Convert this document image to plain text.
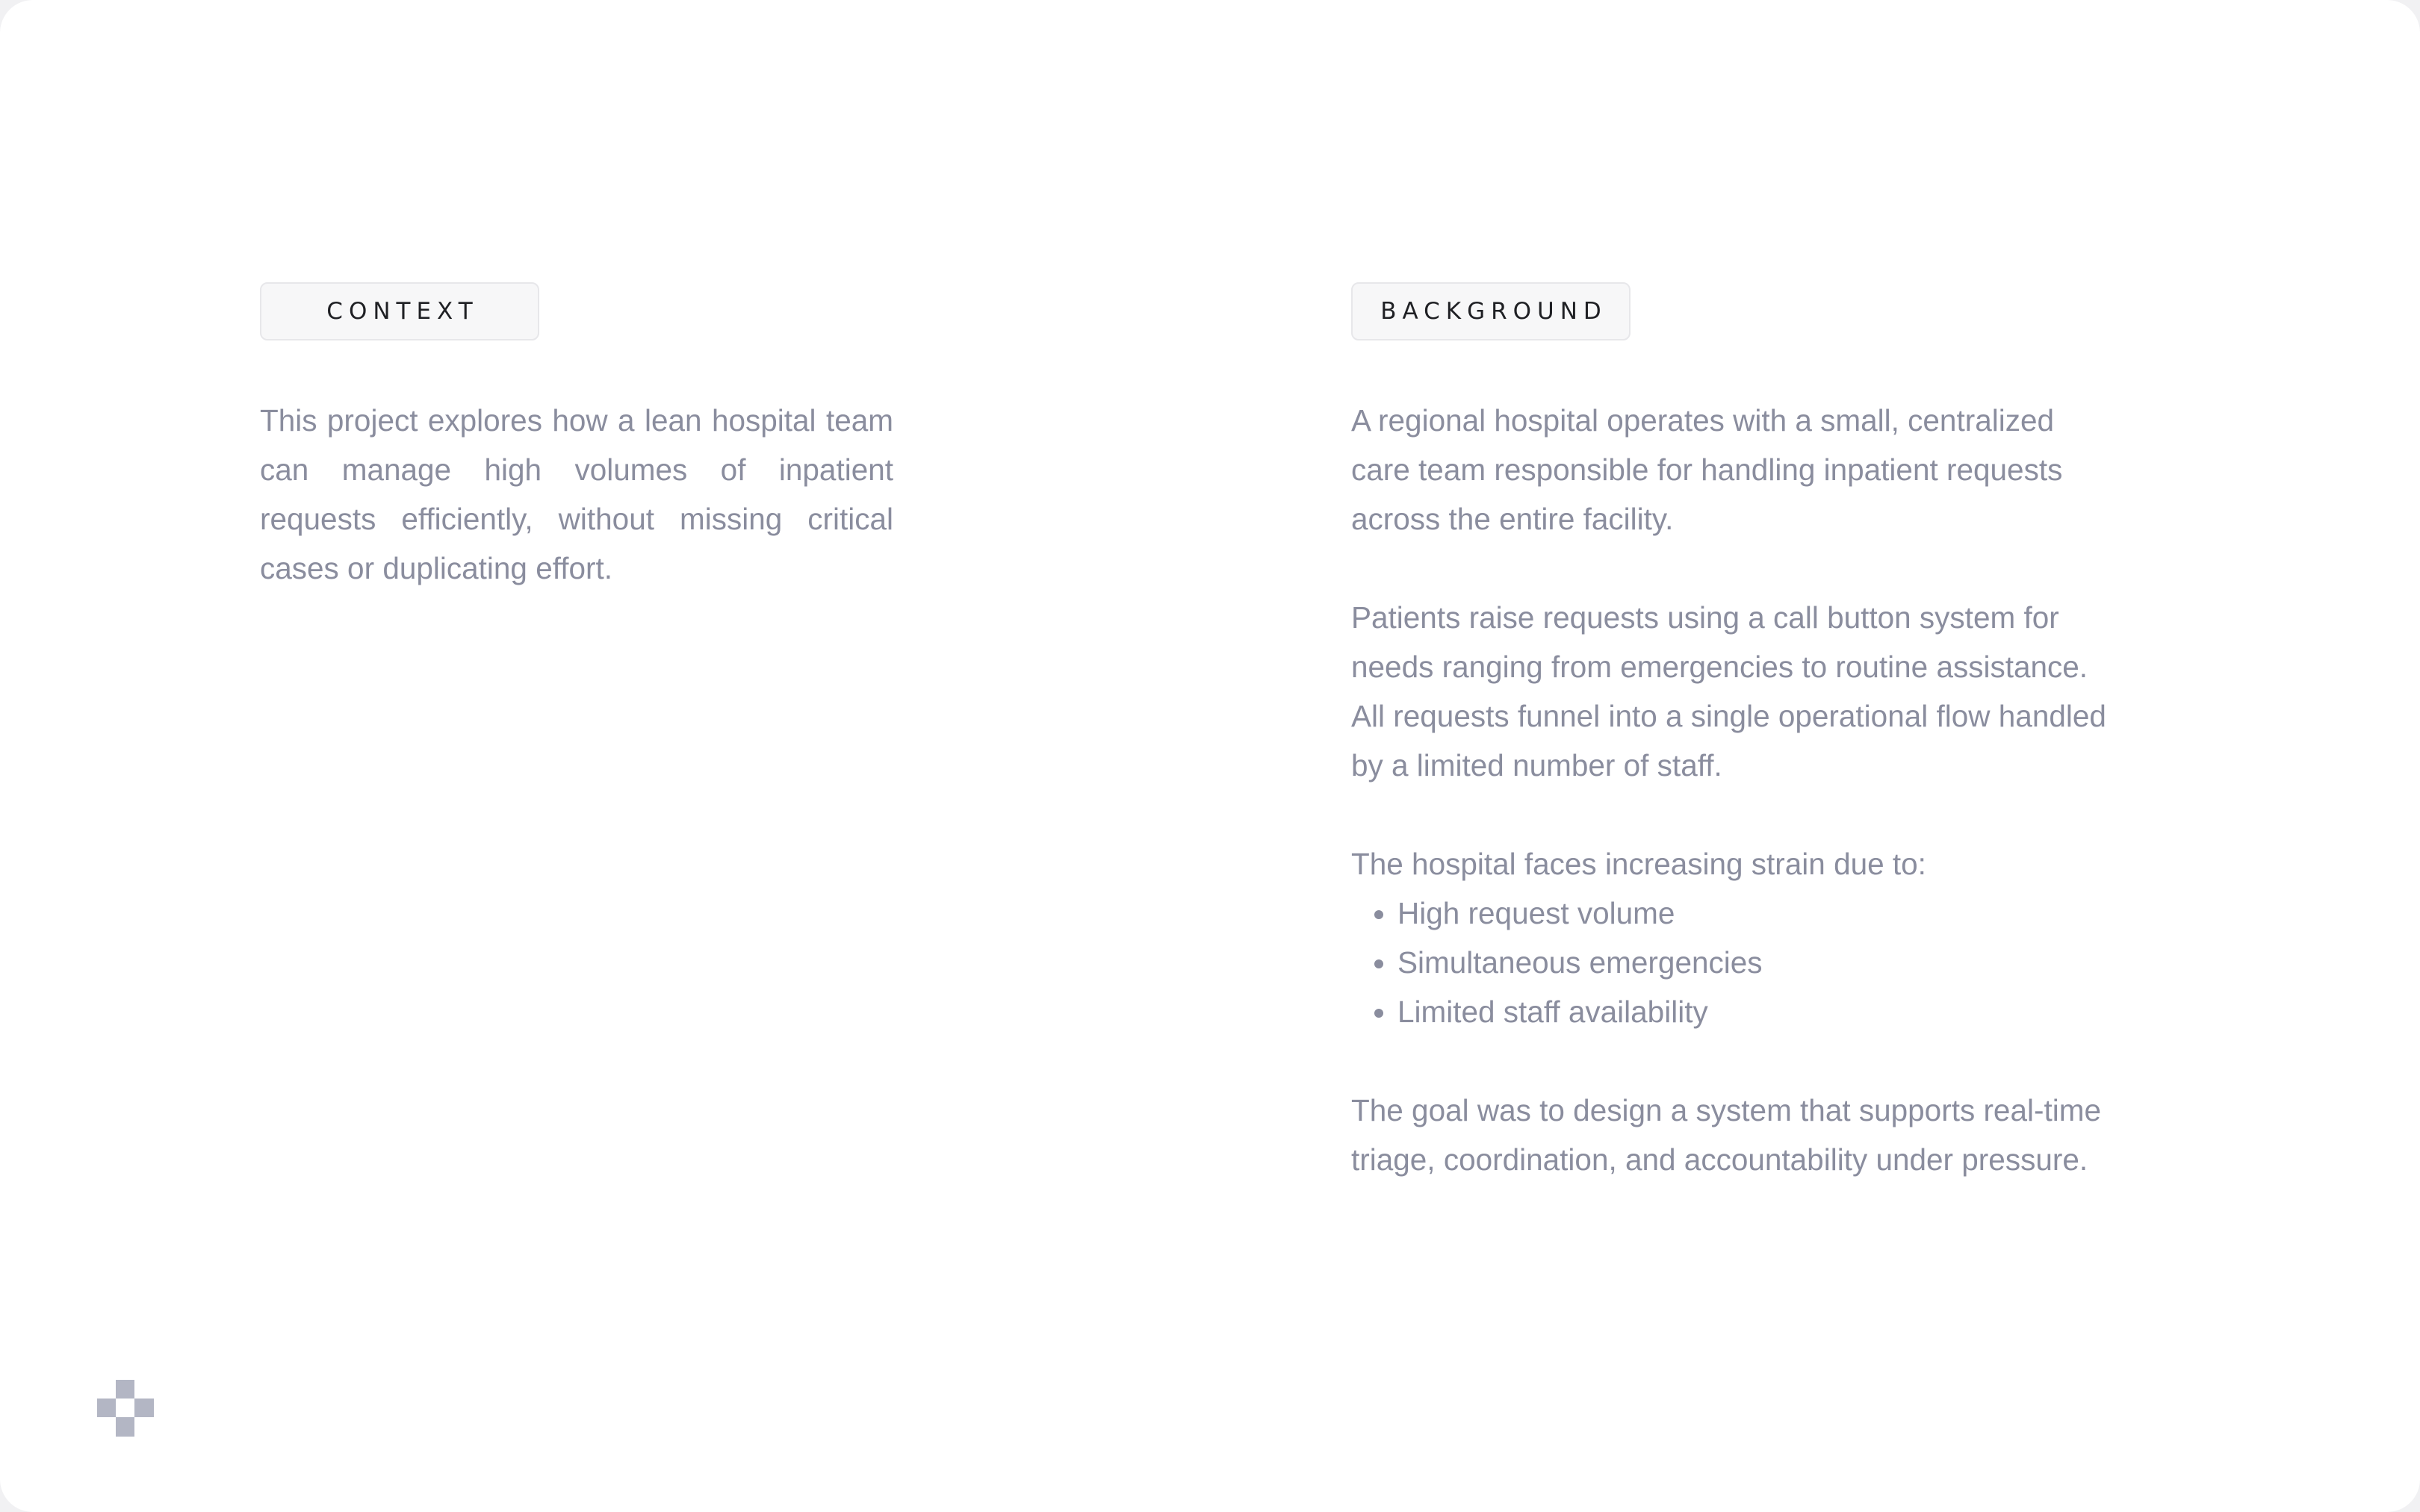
CONTEXT

This project explores how a lean hospital team can manage high volumes of inpatient requests efficiently, without missing critical cases or duplicating effort.

BACKGROUND

A regional hospital operates with a small, centralized care team responsible for handling inpatient requests across the entire facility.

Patients raise requests using a call button system for needs ranging from emergencies to routine assistance. All requests funnel into a single operational flow handled by a limited number of staff.

The hospital faces increasing strain due to:

• High request volume
• Simultaneous emergencies
• Limited staff availability

The goal was to design a system that supports real-time triage, coordination, and accountability under pressure.
